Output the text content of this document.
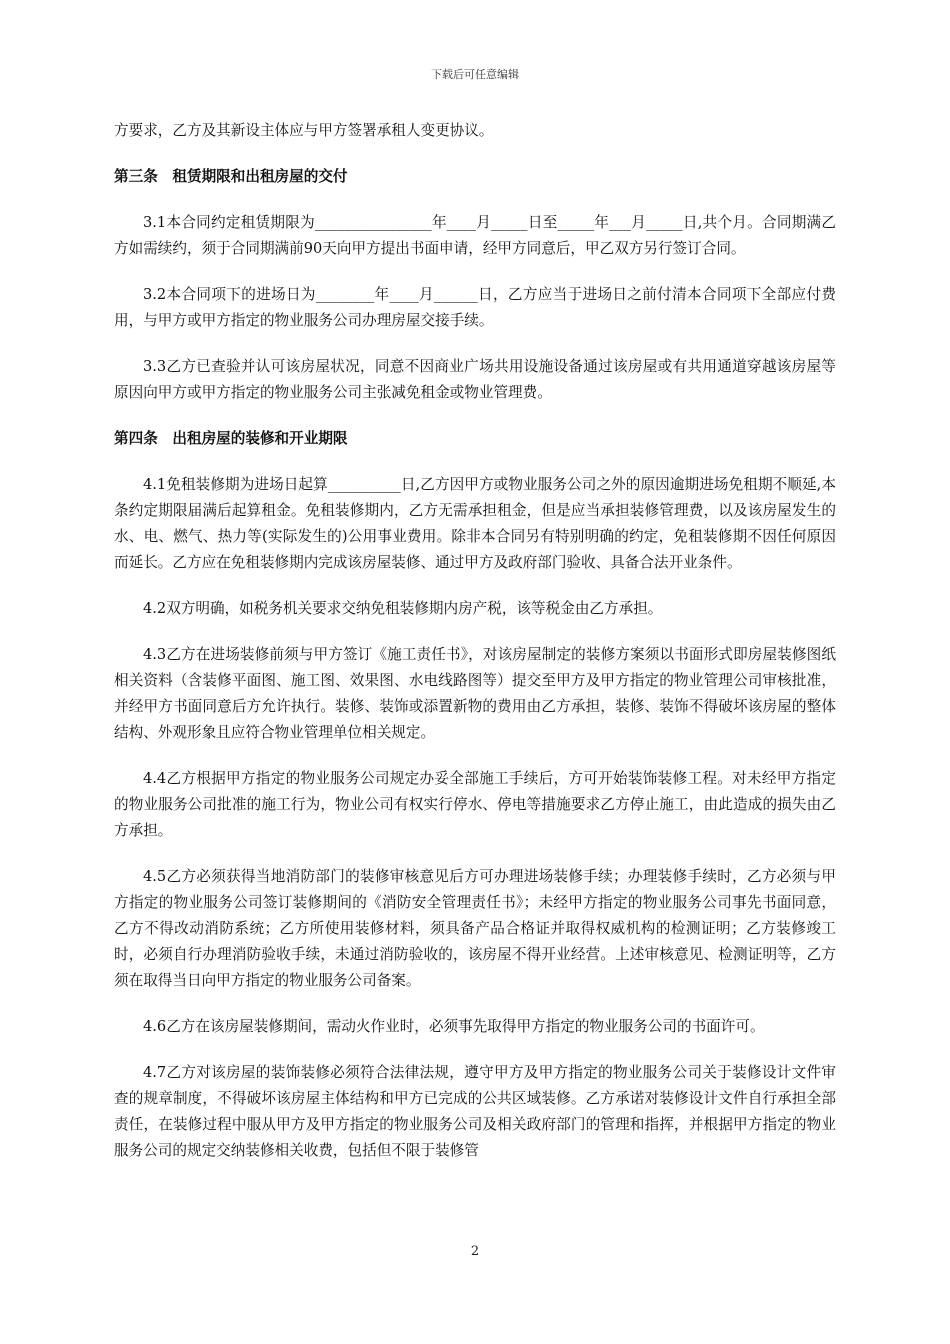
下载后可任意编辑

方要求，乙方及其新设主体应与甲方签署承租人变更协议。

第三条　租赁期限和出租房屋的交付

3.1本合同约定租赁期限为________________年____月_____日至_____年___月_____日,共个月。合同期满乙方如需续约，须于合同期满前90天向甲方提出书面申请，经甲方同意后，甲乙双方另行签订合同。

3.2本合同项下的进场日为________年____月______日，乙方应当于进场日之前付清本合同项下全部应付费用，与甲方或甲方指定的物业服务公司办理房屋交接手续。

3.3乙方已查验并认可该房屋状况，同意不因商业广场共用设施设备通过该房屋或有共用通道穿越该房屋等原因向甲方或甲方指定的物业服务公司主张减免租金或物业管理费。

第四条　出租房屋的装修和开业期限

4.1免租装修期为进场日起算__________日,乙方因甲方或物业服务公司之外的原因逾期进场免租期不顺延,本条约定期限届满后起算租金。免租装修期内，乙方无需承担租金，但是应当承担装修管理费，以及该房屋发生的水、电、燃气、热力等(实际发生的)公用事业费用。除非本合同另有特别明确的约定，免租装修期不因任何原因而延长。乙方应在免租装修期内完成该房屋装修、通过甲方及政府部门验收、具备合法开业条件。

4.2双方明确，如税务机关要求交纳免租装修期内房产税，该等税金由乙方承担。

4.3乙方在进场装修前须与甲方签订《施工责任书》，对该房屋制定的装修方案须以书面形式即房屋装修图纸相关资料（含装修平面图、施工图、效果图、水电线路图等）提交至甲方及甲方指定的物业管理公司审核批准，并经甲方书面同意后方允许执行。装修、装饰或添置新物的费用由乙方承担，装修、装饰不得破坏该房屋的整体结构、外观形象且应符合物业管理单位相关规定。

4.4乙方根据甲方指定的物业服务公司规定办妥全部施工手续后，方可开始装饰装修工程。对未经甲方指定的物业服务公司批准的施工行为，物业公司有权实行停水、停电等措施要求乙方停止施工，由此造成的损失由乙方承担。

4.5乙方必须获得当地消防部门的装修审核意见后方可办理进场装修手续；办理装修手续时，乙方必须与甲方指定的物业服务公司签订装修期间的《消防安全管理责任书》；未经甲方指定的物业服务公司事先书面同意，乙方不得改动消防系统；乙方所使用装修材料，须具备产品合格证并取得权威机构的检测证明；乙方装修竣工时，必须自行办理消防验收手续，未通过消防验收的，该房屋不得开业经营。上述审核意见、检测证明等，乙方须在取得当日向甲方指定的物业服务公司备案。

4.6乙方在该房屋装修期间，需动火作业时，必须事先取得甲方指定的物业服务公司的书面许可。

4.7乙方对该房屋的装饰装修必须符合法律法规，遵守甲方及甲方指定的物业服务公司关于装修设计文件审查的规章制度，不得破坏该房屋主体结构和甲方已完成的公共区域装修。乙方承诺对装修设计文件自行承担全部责任，在装修过程中服从甲方及甲方指定的物业服务公司及相关政府部门的管理和指挥，并根据甲方指定的物业服务公司的规定交纳装修相关收费，包括但不限于装修管

2
